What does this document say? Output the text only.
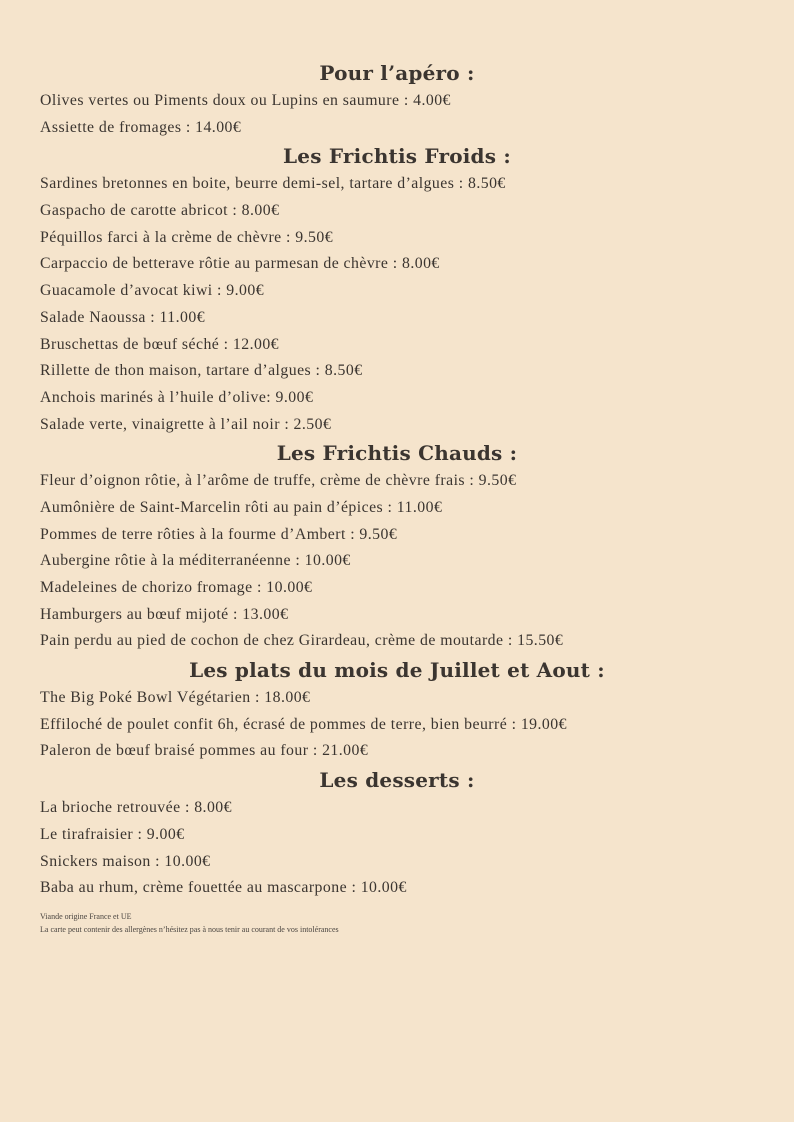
Pour l’apéro :
Olives vertes ou Piments doux ou Lupins en saumure : 4.00€
Assiette de fromages : 14.00€
Les Frichtis Froids :
Sardines bretonnes en boite, beurre demi-sel, tartare d’algues : 8.50€
Gaspacho de carotte abricot : 8.00€
Péquillos farci à la crème de chèvre : 9.50€
Carpaccio de betterave rôtie au parmesan de chèvre : 8.00€
Guacamole d’avocat kiwi : 9.00€
Salade Naoussa : 11.00€
Bruschettas de bœuf séché : 12.00€
Rillette de thon maison, tartare d’algues : 8.50€
Anchois marinés à l’huile d’olive: 9.00€
Salade verte, vinaigrette à l’ail noir : 2.50€
Les Frichtis Chauds :
Fleur d’oignon rôtie, à l’arôme de truffe, crème de chèvre frais : 9.50€
Aumônière de Saint-Marcelin rôti au pain d’épices : 11.00€
Pommes de terre rôties à la fourme d’Ambert : 9.50€
Aubergine rôtie à la méditerranéenne : 10.00€
Madeleines de chorizo fromage : 10.00€
Hamburgers au bœuf mijoté : 13.00€
Pain perdu au pied de cochon de chez Girardeau, crème de moutarde : 15.50€
Les plats du mois de Juillet et Aout :
The Big Poké Bowl Végétarien : 18.00€
Effiloché de poulet confit 6h, écrasé de pommes de terre, bien beurré : 19.00€
Paleron de bœuf braisé pommes au four : 21.00€
Les desserts :
La brioche retrouvée : 8.00€
Le tirafraisier : 9.00€
Snickers maison : 10.00€
Baba au rhum, crème fouettée au mascarpone : 10.00€
Viande origine France et UE
La carte peut contenir des allergènes n’hésitez pas à nous tenir au courant de vos intolérances
